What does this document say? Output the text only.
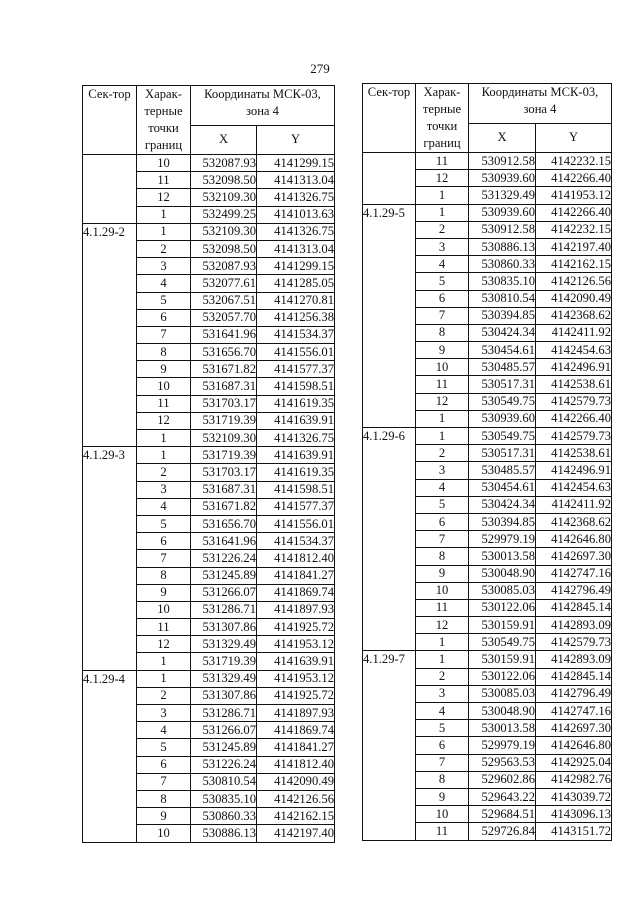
279
Сек-тор	Харак-терные точки границ	Координаты МСК-03, зона 4	
		X	Y
	10	532087.93	4141299.15
	11	532098.50	4141313.04
	12	532109.30	4141326.75
	1	532499.25	4141013.63
4.1.29-2	1	532109.30	4141326.75
	2	532098.50	4141313.04
	3	532087.93	4141299.15
	4	532077.61	4141285.05
	5	532067.51	4141270.81
	6	532057.70	4141256.38
	7	531641.96	4141534.37
	8	531656.70	4141556.01
	9	531671.82	4141577.37
	10	531687.31	4141598.51
	11	531703.17	4141619.35
	12	531719.39	4141639.91
	1	532109.30	4141326.75
4.1.29-3	1	531719.39	4141639.91
	2	531703.17	4141619.35
	3	531687.31	4141598.51
	4	531671.82	4141577.37
	5	531656.70	4141556.01
	6	531641.96	4141534.37
	7	531226.24	4141812.40
	8	531245.89	4141841.27
	9	531266.07	4141869.74
	10	531286.71	4141897.93
	11	531307.86	4141925.72
	12	531329.49	4141953.12
	1	531719.39	4141639.91
4.1.29-4	1	531329.49	4141953.12
	2	531307.86	4141925.72
	3	531286.71	4141897.93
	4	531266.07	4141869.74
	5	531245.89	4141841.27
	6	531226.24	4141812.40
	7	530810.54	4142090.49
	8	530835.10	4142126.56
	9	530860.33	4142162.15
	10	530886.13	4142197.40
Сек-тор	Харак-терные точки границ	Координаты МСК-03, зона 4	
		X	Y
	11	530912.58	4142232.15
	12	530939.60	4142266.40
	1	531329.49	4141953.12
4.1.29-5	1	530939.60	4142266.40
	2	530912.58	4142232.15
	3	530886.13	4142197.40
	4	530860.33	4142162.15
	5	530835.10	4142126.56
	6	530810.54	4142090.49
	7	530394.85	4142368.62
	8	530424.34	4142411.92
	9	530454.61	4142454.63
	10	530485.57	4142496.91
	11	530517.31	4142538.61
	12	530549.75	4142579.73
	1	530939.60	4142266.40
4.1.29-6	1	530549.75	4142579.73
	2	530517.31	4142538.61
	3	530485.57	4142496.91
	4	530454.61	4142454.63
	5	530424.34	4142411.92
	6	530394.85	4142368.62
	7	529979.19	4142646.80
	8	530013.58	4142697.30
	9	530048.90	4142747.16
	10	530085.03	4142796.49
	11	530122.06	4142845.14
	12	530159.91	4142893.09
	1	530549.75	4142579.73
4.1.29-7	1	530159.91	4142893.09
	2	530122.06	4142845.14
	3	530085.03	4142796.49
	4	530048.90	4142747.16
	5	530013.58	4142697.30
	6	529979.19	4142646.80
	7	529563.53	4142925.04
	8	529602.86	4142982.76
	9	529643.22	4143039.72
	10	529684.51	4143096.13
	11	529726.84	4143151.72
